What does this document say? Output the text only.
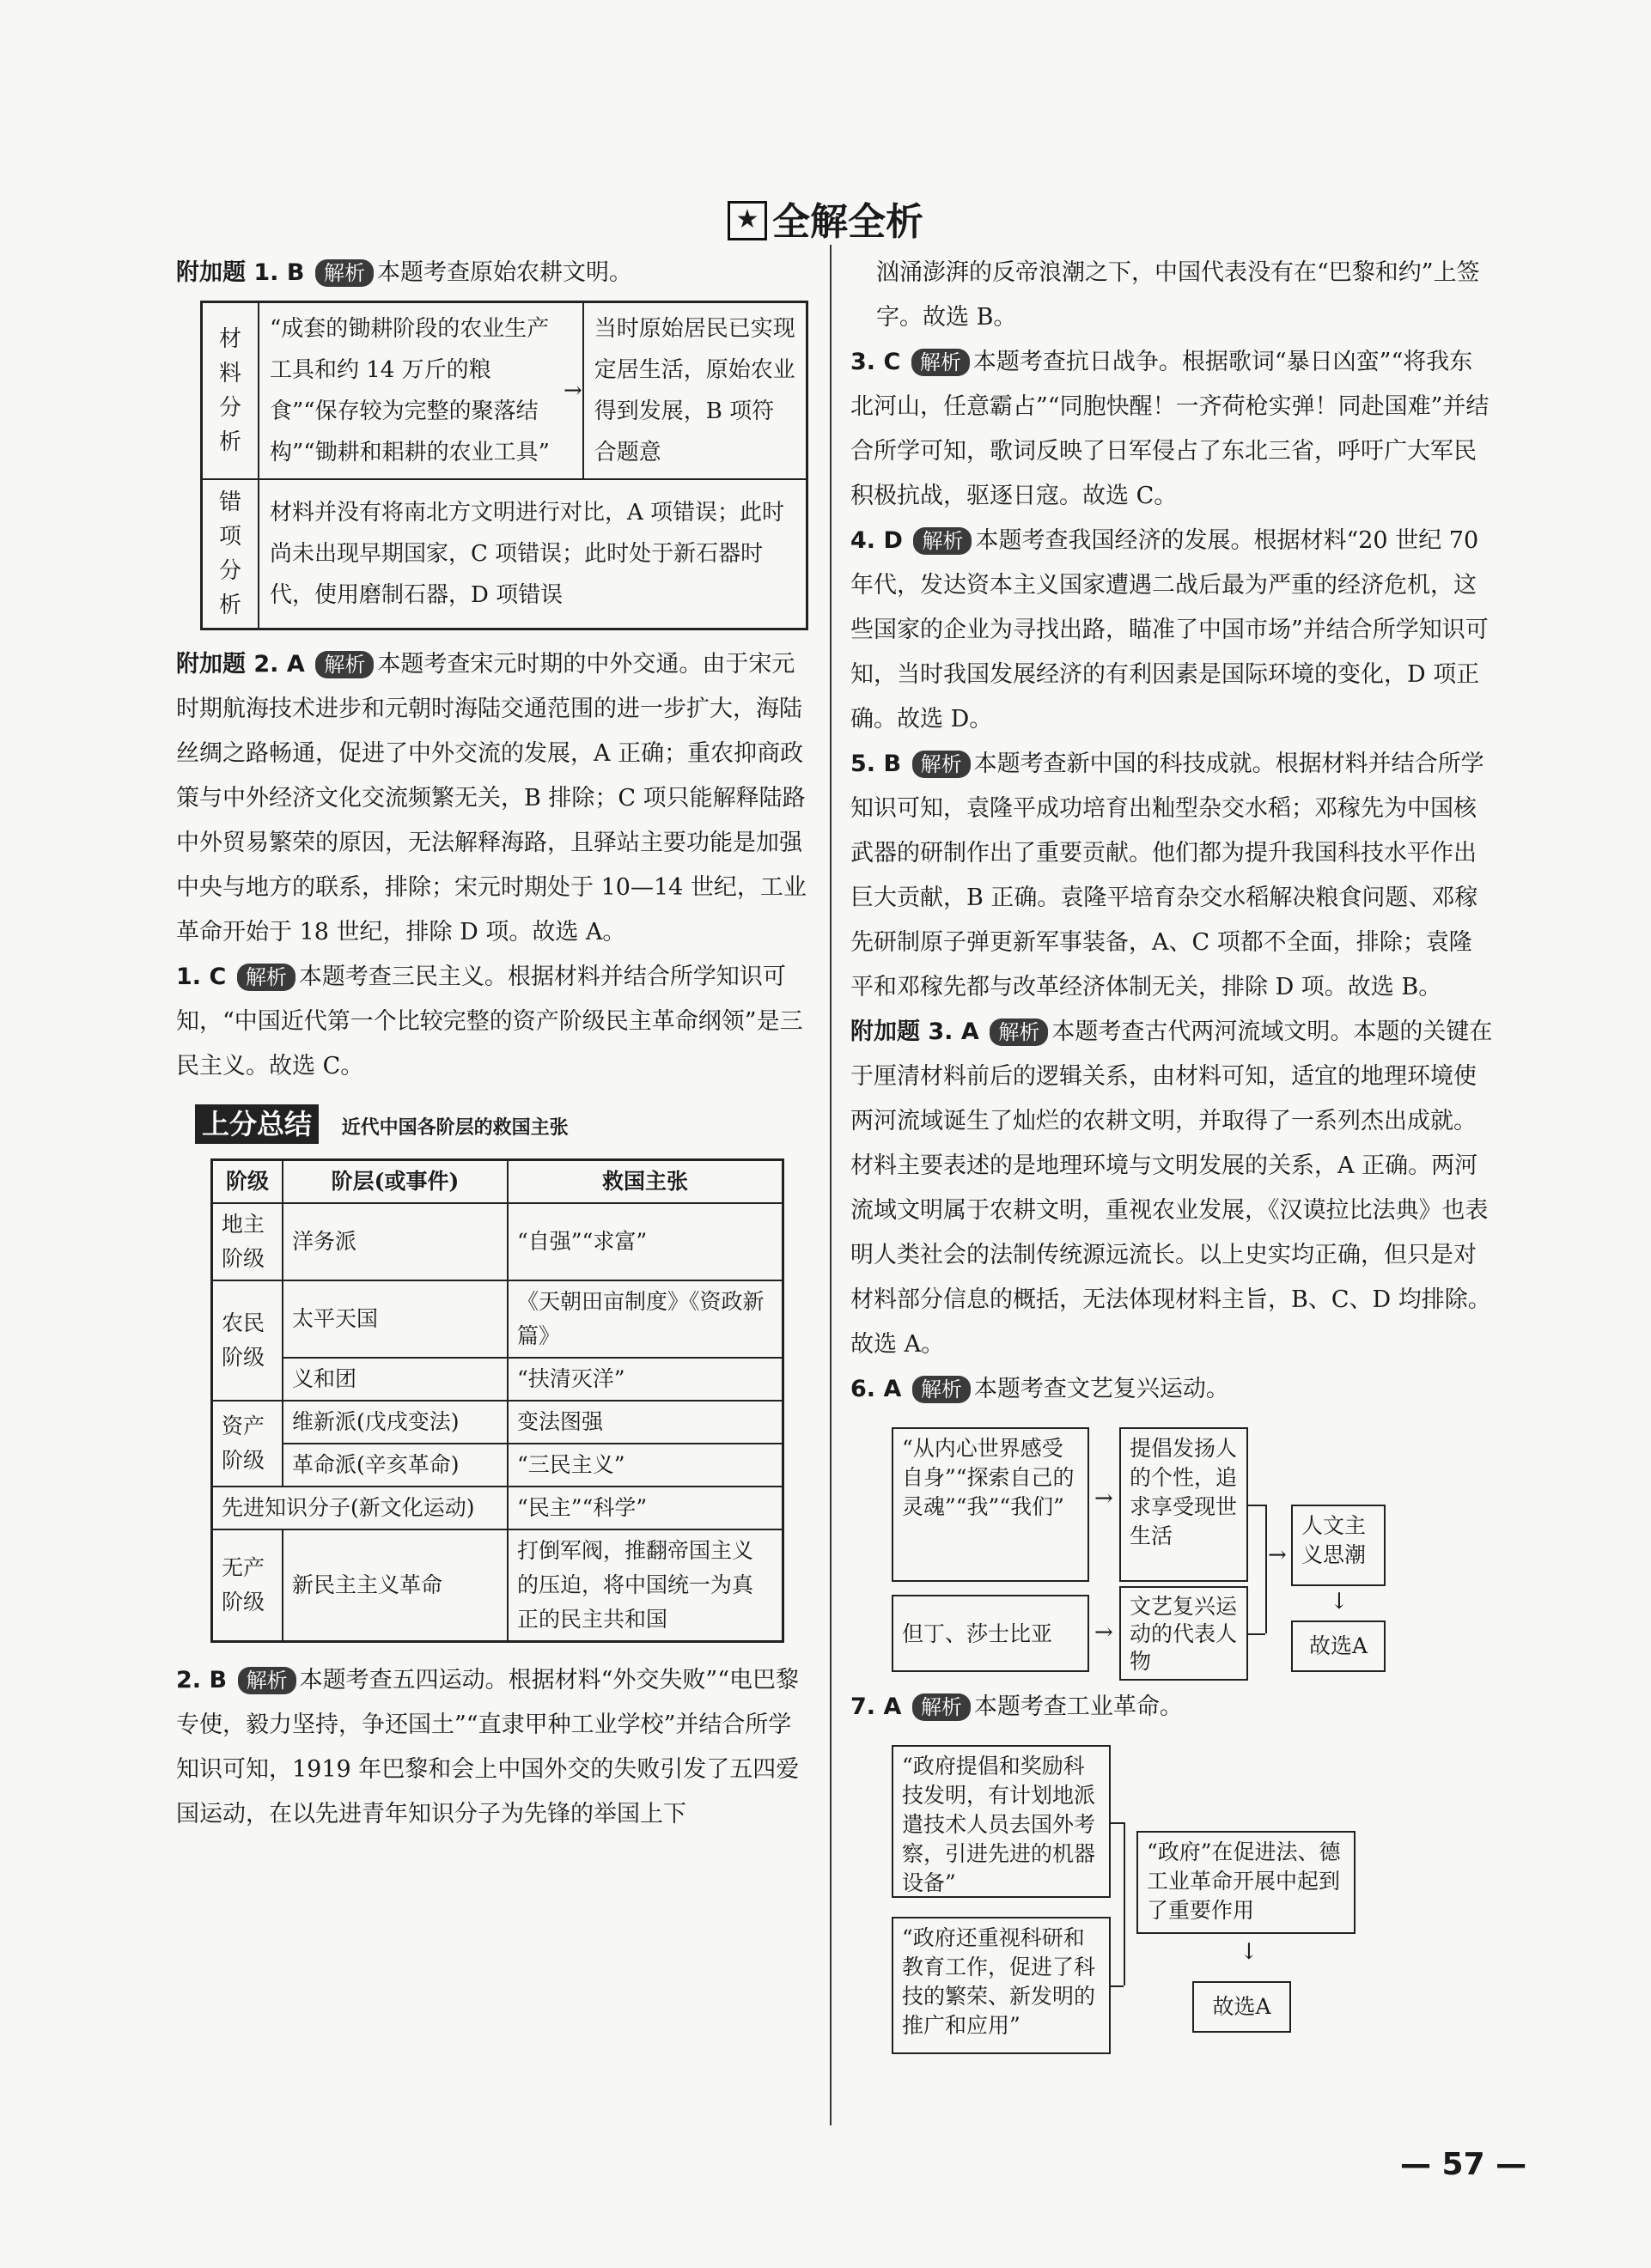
★ 全解全析

附加题 1. B 解析 本题考查原始农耕文明。

材料分析	“成套的锄耕阶段的农业生产工具和约 14 万斤的粮食”“保存较为完整的聚落结构”“锄耕和耜耕的农业工具”	→	当时原始居民已实现定居生活，原始农业得到发展，B 项符合题意
错项分析	材料并没有将南北方文明进行对比，A 项错误；此时尚未出现早期国家，C 项错误；此时处于新石器时代，使用磨制石器，D 项错误		

附加题 2. A 解析 本题考查宋元时期的中外交通。由于宋元时期航海技术进步和元朝时海陆交通范围的进一步扩大，海陆丝绸之路畅通，促进了中外交流的发展，A 正确；重农抑商政策与中外经济文化交流频繁无关，B 排除；C 项只能解释陆路中外贸易繁荣的原因，无法解释海路，且驿站主要功能是加强中央与地方的联系，排除；宋元时期处于 10—14 世纪，工业革命开始于 18 世纪，排除 D 项。故选 A。

1. C 解析 本题考查三民主义。根据材料并结合所学知识可知，“中国近代第一个比较完整的资产阶级民主革命纲领”是三民主义。故选 C。

上分总结 近代中国各阶层的救国主张
阶级	阶层(或事件)	救国主张
地主阶级	洋务派	“自强”“求富”
农民阶级	太平天国	《天朝田亩制度》《资政新篇》
	义和团	“扶清灭洋”
资产阶级	维新派(戊戌变法)	变法图强
	革命派(辛亥革命)	“三民主义”
先进知识分子(新文化运动)		“民主”“科学”
无产阶级	新民主主义革命	打倒军阀，推翻帝国主义的压迫，将中国统一为真正的民主共和国

2. B 解析 本题考查五四运动。根据材料“外交失败”“电巴黎专使，毅力坚持，争还国土”“直隶甲种工业学校”并结合所学知识可知，1919 年巴黎和会上中国外交的失败引发了五四爱国运动，在以先进青年知识分子为先锋的举国上下

汹涌澎湃的反帝浪潮之下，中国代表没有在“巴黎和约”上签字。故选 B。

3. C 解析 本题考查抗日战争。根据歌词“暴日凶蛮”“将我东北河山，任意霸占”“同胞快醒！一齐荷枪实弹！同赴国难”并结合所学可知，歌词反映了日军侵占了东北三省，呼吁广大军民积极抗战，驱逐日寇。故选 C。

4. D 解析 本题考查我国经济的发展。根据材料“20 世纪 70 年代，发达资本主义国家遭遇二战后最为严重的经济危机，这些国家的企业为寻找出路，瞄准了中国市场”并结合所学知识可知，当时我国发展经济的有利因素是国际环境的变化，D 项正确。故选 D。

5. B 解析 本题考查新中国的科技成就。根据材料并结合所学知识可知，袁隆平成功培育出籼型杂交水稻；邓稼先为中国核武器的研制作出了重要贡献。他们都为提升我国科技水平作出巨大贡献，B 正确。袁隆平培育杂交水稻解决粮食问题、邓稼先研制原子弹更新军事装备，A、C 项都不全面，排除；袁隆平和邓稼先都与改革经济体制无关，排除 D 项。故选 B。

附加题 3. A 解析 本题考查古代两河流域文明。本题的关键在于厘清材料前后的逻辑关系，由材料可知，适宜的地理环境使两河流域诞生了灿烂的农耕文明，并取得了一系列杰出成就。材料主要表述的是地理环境与文明发展的关系，A 正确。两河流域文明属于农耕文明，重视农业发展，《汉谟拉比法典》也表明人类社会的法制传统源远流长。以上史实均正确，但只是对材料部分信息的概括，无法体现材料主旨，B、C、D 均排除。故选 A。

6. A 解析 本题考查文艺复兴运动。

“从内心世界感受自身”“探索自己的灵魂”“我”“我们”	→
提倡发扬人的个性，追求享受现世生活
但丁、莎士比亚	→
文艺复兴运动的代表人物
→
人文主义思潮
↓
故选A

7. A 解析 本题考查工业革命。

“政府提倡和奖励科技发明，有计划地派遣技术人员去国外考察，引进先进的机器设备”
“政府还重视科研和教育工作，促进了科技的繁荣、新发明的推广和应用”
“政府”在促进法、德工业革命开展中起到了重要作用
↓
故选A
— 57 —
